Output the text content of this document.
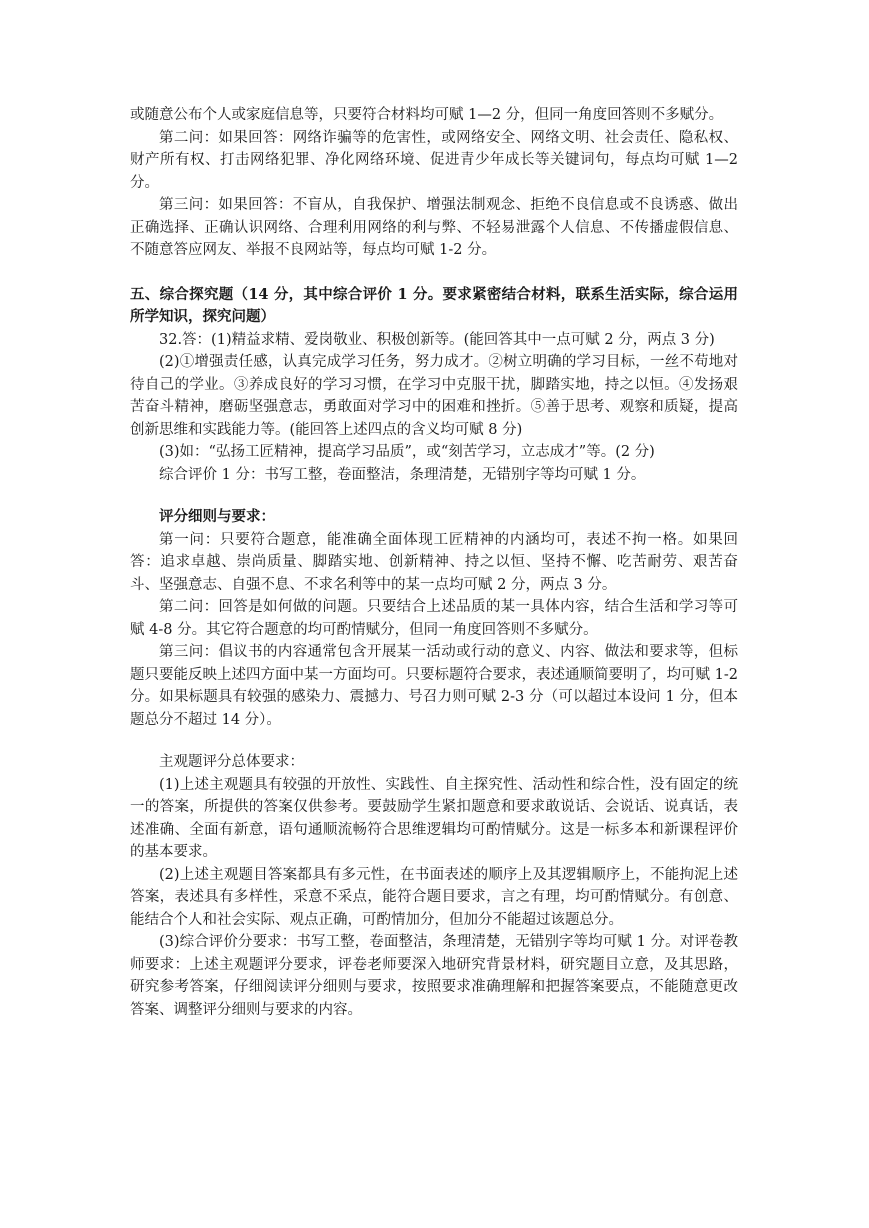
或随意公布个人或家庭信息等，只要符合材料均可赋 1—2 分，但同一角度回答则不多赋分。

第二问：如果回答：网络诈骗等的危害性，或网络安全、网络文明、社会责任、隐私权、财产所有权、打击网络犯罪、净化网络环境、促进青少年成长等关键词句，每点均可赋 1—2 分。

第三问：如果回答：不盲从，自我保护、增强法制观念、拒绝不良信息或不良诱惑、做出正确选择、正确认识网络、合理利用网络的利与弊、不轻易泄露个人信息、不传播虚假信息、不随意答应网友、举报不良网站等，每点均可赋 1-2 分。

五、综合探究题（14 分，其中综合评价 1 分。要求紧密结合材料，联系生活实际，综合运用所学知识，探究问题）

32.答：(1)精益求精、爱岗敬业、积极创新等。(能回答其中一点可赋 2 分，两点 3 分)

(2)①增强责任感，认真完成学习任务，努力成才。②树立明确的学习目标，一丝不苟地对待自己的学业。③养成良好的学习习惯，在学习中克服干扰，脚踏实地，持之以恒。④发扬艰苦奋斗精神，磨砺坚强意志，勇敢面对学习中的困难和挫折。⑤善于思考、观察和质疑，提高创新思维和实践能力等。(能回答上述四点的含义均可赋 8 分)

(3)如：“弘扬工匠精神，提高学习品质”，或“刻苦学习，立志成才”等。(2 分)

综合评价 1 分：书写工整，卷面整洁，条理清楚，无错别字等均可赋 1 分。

评分细则与要求：

第一问：只要符合题意，能准确全面体现工匠精神的内涵均可，表述不拘一格。如果回答：追求卓越、崇尚质量、脚踏实地、创新精神、持之以恒、坚持不懈、吃苦耐劳、艰苦奋斗、坚强意志、自强不息、不求名利等中的某一点均可赋 2 分，两点 3 分。

第二问：回答是如何做的问题。只要结合上述品质的某一具体内容，结合生活和学习等可赋 4-8 分。其它符合题意的均可酌情赋分，但同一角度回答则不多赋分。

第三问：倡议书的内容通常包含开展某一活动或行动的意义、内容、做法和要求等，但标题只要能反映上述四方面中某一方面均可。只要标题符合要求，表述通顺简要明了，均可赋 1-2 分。如果标题具有较强的感染力、震撼力、号召力则可赋 2-3 分（可以超过本设问 1 分，但本题总分不超过 14 分）。

主观题评分总体要求：

(1)上述主观题具有较强的开放性、实践性、自主探究性、活动性和综合性，没有固定的统一的答案，所提供的答案仅供参考。要鼓励学生紧扣题意和要求敢说话、会说话、说真话，表述准确、全面有新意，语句通顺流畅符合思维逻辑均可酌情赋分。这是一标多本和新课程评价的基本要求。

(2)上述主观题目答案都具有多元性，在书面表述的顺序上及其逻辑顺序上，不能拘泥上述答案，表述具有多样性，采意不采点，能符合题目要求，言之有理，均可酌情赋分。有创意、能结合个人和社会实际、观点正确，可酌情加分，但加分不能超过该题总分。

(3)综合评价分要求：书写工整，卷面整洁，条理清楚，无错别字等均可赋 1 分。对评卷教师要求：上述主观题评分要求，评卷老师要深入地研究背景材料，研究题目立意，及其思路，研究参考答案，仔细阅读评分细则与要求，按照要求准确理解和把握答案要点，不能随意更改答案、调整评分细则与要求的内容。
